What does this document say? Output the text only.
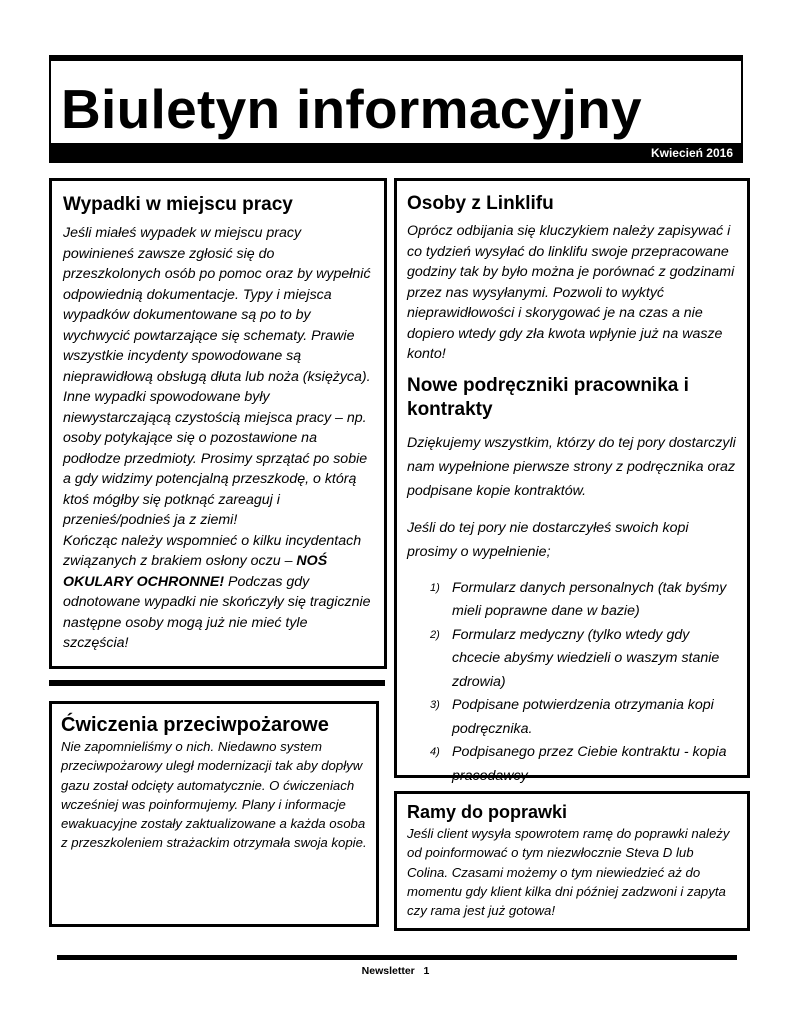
Biuletyn informacyjny
Kwiecień 2016
Wypadki w miejscu pracy

Jeśli miałeś wypadek w miejscu pracy powinieneś zawsze zgłosić się do przeszkolonych osób po pomoc oraz by wypełnić odpowiednią dokumentacje. Typy i miejsca wypadków dokumentowane są po to by wychwycić powtarzające się schematy. Prawie wszystkie incydenty spowodowane są nieprawidłową obsługą dłuta lub noża (księżyca). Inne wypadki spowodowane były niewystarczającą czystością miejsca pracy – np. osoby potykające się o pozostawione na podłodze przedmioty. Prosimy sprzątać po sobie a gdy widzimy potencjalną przeszkodę, o którą ktoś mógłby się potknąć zareaguj i przenieś/podnieś ja z ziemi!
Kończąc należy wspomnieć o kilku incydentach związanych z brakiem osłony oczu – NOŚ OKULARY OCHRONNE! Podczas gdy odnotowane wypadki nie skończyły się tragicznie następne osoby mogą już nie mieć tyle szczęścia!

Osoby z Linklifu

Oprócz odbijania się kluczykiem należy zapisywać i co tydzień wysyłać do linklifu swoje przepracowane godziny tak by było można je porównać z godzinami przez nas wysyłanymi. Pozwoli to wyktyć nieprawidłowości i skorygować je na czas a nie dopiero wtedy gdy zła kwota wpłynie już na wasze konto!

Nowe podręczniki pracownika i kontrakty

Dziękujemy wszystkim, którzy do tej pory dostarczyli nam wypełnione pierwsze strony z podręcznika oraz podpisane kopie kontraktów.

Jeśli do tej pory nie dostarczyłeś swoich kopi prosimy o wypełnienie;

1) Formularz danych personalnych (tak byśmy mieli poprawne dane w bazie)
2) Formularz medyczny (tylko wtedy gdy chcecie abyśmy wiedzieli o waszym stanie zdrowia)
3) Podpisane potwierdzenia otrzymania kopi podręcznika.
4) Podpisanego przez Ciebie kontraktu - kopia pracodawcy
Ćwiczenia przeciwpożarowe

Nie zapomnieliśmy o nich. Niedawno system przeciwpożarowy uległ modernizacji tak aby dopływ gazu został odcięty automatycznie. O ćwiczeniach wcześniej was poinformujemy. Plany i informacje ewakuacyjne zostały zaktualizowane a każda osoba z przeszkoleniem strażackim otrzymała swoja kopie.

Ramy do poprawki

Jeśli client wysyła spowrotem ramę do poprawki należy od poinformować o tym niezwłocznie Steva D lub Colina. Czasami możemy o tym niewiedzieć aż do momentu gdy klient kilka dni później zadzwoni i zapyta czy rama jest już gotowa!

Newsletter   1
